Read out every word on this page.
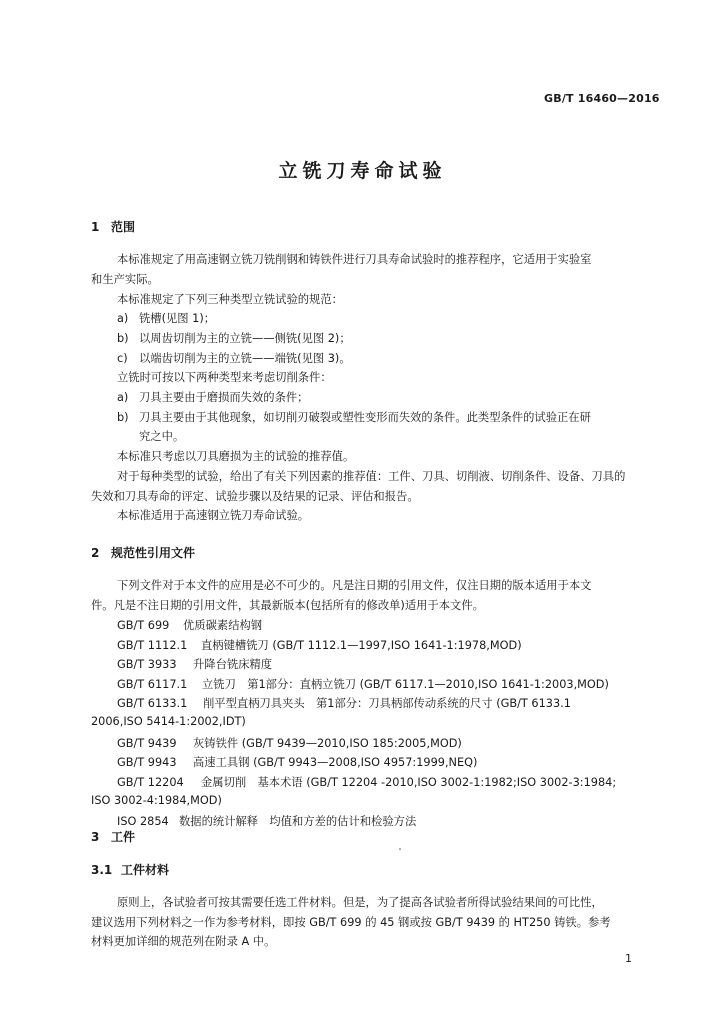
GB/T 16460—2016
立铣刀寿命试验
1 范围
本标准规定了用高速钢立铣刀铣削钢和铸铁件进行刀具寿命试验时的推荐程序，它适用于实验室
和生产实际。
本标准规定了下列三种类型立铣试验的规范：
a) 铣槽(见图 1)；
b) 以周齿切削为主的立铣——侧铣(见图 2)；
c) 以端齿切削为主的立铣——端铣(见图 3)。
立铣时可按以下两种类型来考虑切削条件：
a) 刀具主要由于磨损而失效的条件；
b) 刀具主要由于其他现象，如切削刃破裂或塑性变形而失效的条件。此类型条件的试验正在研
究之中。
本标准只考虑以刀具磨损为主的试验的推荐值。
对于每种类型的试验，给出了有关下列因素的推荐值：工件、刀具、切削液、切削条件、设备、刀具的
失效和刀具寿命的评定、试验步骤以及结果的记录、评估和报告。
本标准适用于高速钢立铣刀寿命试验。
2 规范性引用文件
下列文件对于本文件的应用是必不可少的。凡是注日期的引用文件，仅注日期的版本适用于本文
件。凡是不注日期的引用文件，其最新版本(包括所有的修改单)适用于本文件。
GB/T 699 优质碳素结构钢
GB/T 1112.1 直柄键槽铣刀 (GB/T 1112.1—1997,ISO 1641-1:1978,MOD)
GB/T 3933 升降台铣床精度
GB/T 6117.1 立铣刀　第1部分：直柄立铣刀 (GB/T 6117.1—2010,ISO 1641-1:2003,MOD)
GB/T 6133.1 削平型直柄刀具夹头　第1部分：刀具柄部传动系统的尺寸 (GB/T 6133.1
2006,ISO 5414-1:2002,IDT)
GB/T 9439 灰铸铁件 (GB/T 9439—2010,ISO 185:2005,MOD)
GB/T 9943 高速工具钢 (GB/T 9943—2008,ISO 4957:1999,NEQ)
GB/T 12204 金属切削　基本术语 (GB/T 12204 -2010,ISO 3002-1:1982;ISO 3002-3:1984;
ISO 3002-4:1984,MOD)
ISO 2854 数据的统计解释　均值和方差的估计和检验方法
3 工件
3.1 工件材料
原则上，各试验者可按其需要任选工件材料。但是，为了提高各试验者所得试验结果间的可比性，
建议选用下列材料之一作为参考材料，即按 GB/T 699 的 45 钢或按 GB/T 9439 的 HT250 铸铁。参考
材料更加详细的规范列在附录 A 中。
1
